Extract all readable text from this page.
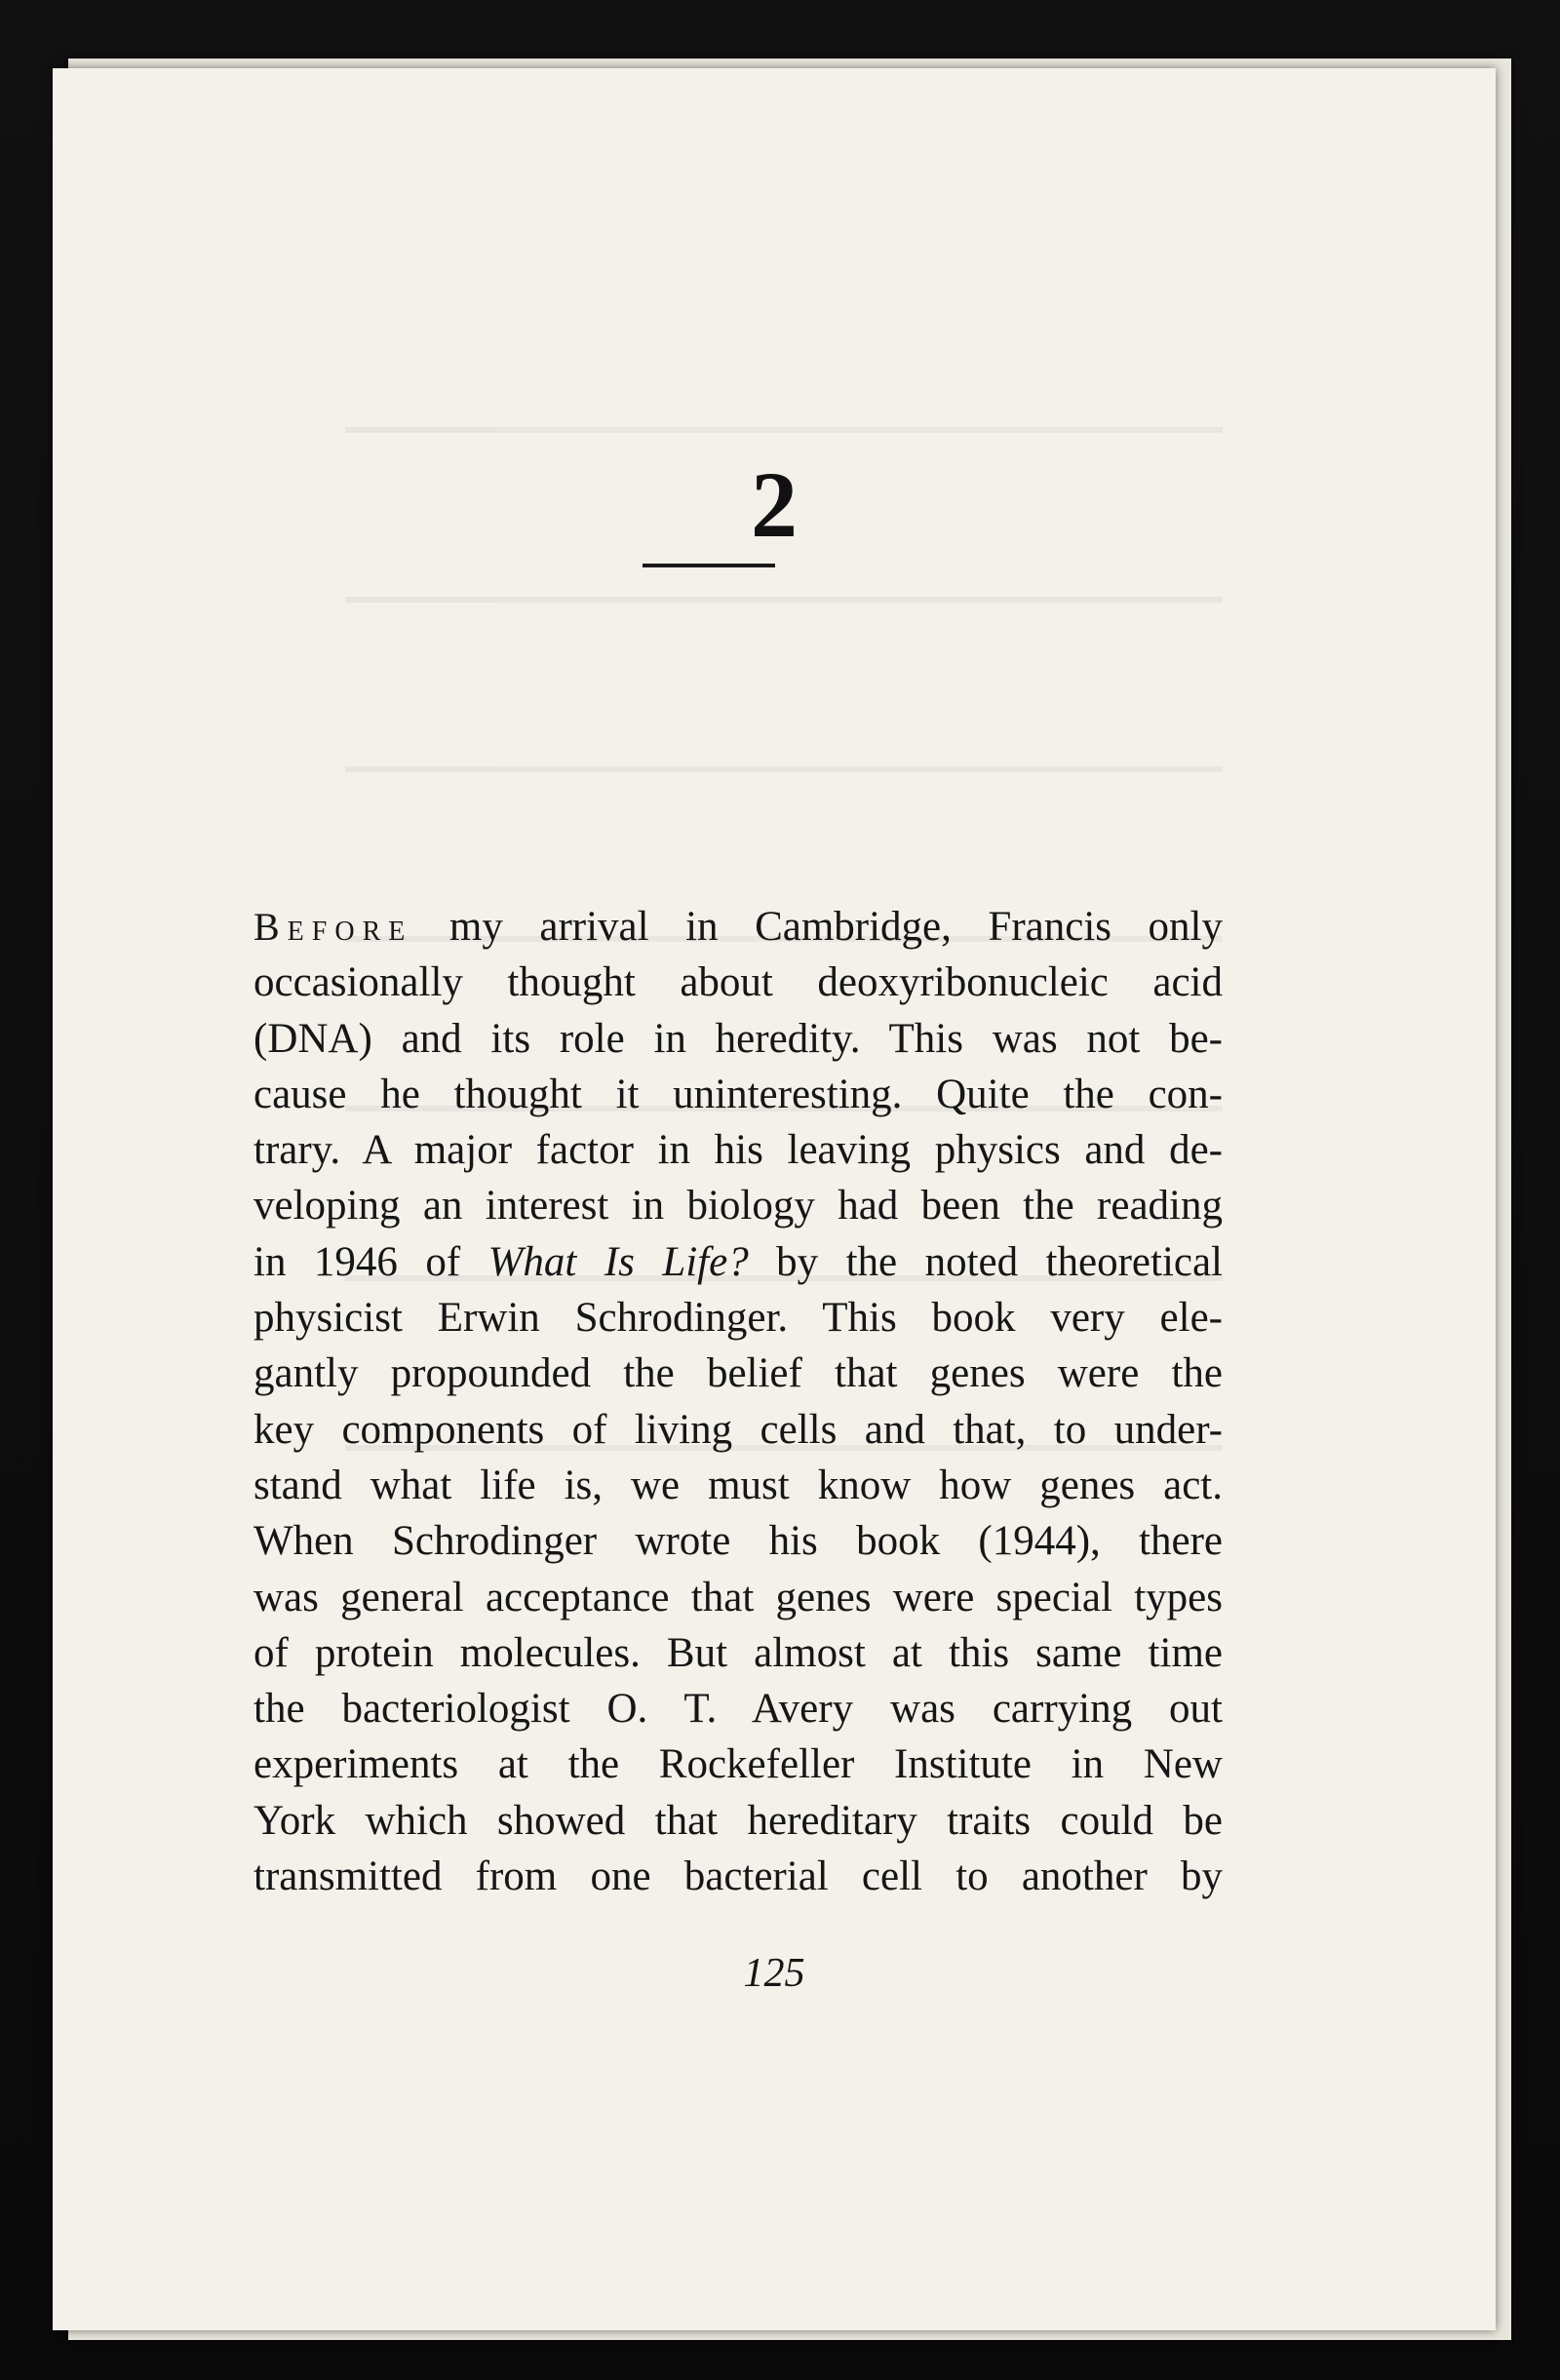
2

Before my arrival in Cambridge, Francis only
occasionally thought about deoxyribonucleic acid
(DNA) and its role in heredity. This was not be-
cause he thought it uninteresting. Quite the con-
trary. A major factor in his leaving physics and de-
veloping an interest in biology had been the reading
in 1946 of What Is Life? by the noted theoretical
physicist Erwin Schrodinger. This book very ele-
gantly propounded the belief that genes were the
key components of living cells and that, to under-
stand what life is, we must know how genes act.
When Schrodinger wrote his book (1944), there
was general acceptance that genes were special types
of protein molecules. But almost at this same time
the bacteriologist O. T. Avery was carrying out
experiments at the Rockefeller Institute in New
York which showed that hereditary traits could be
transmitted from one bacterial cell to another by

125
